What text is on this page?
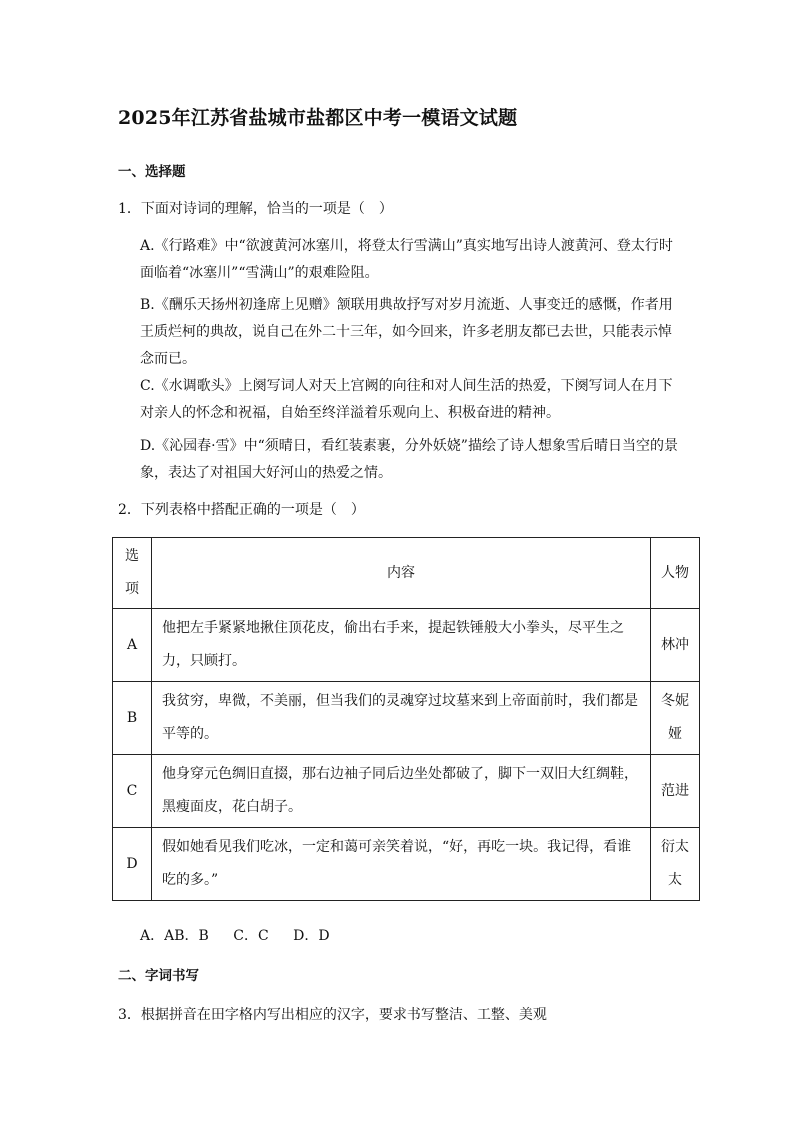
2025年江苏省盐城市盐都区中考一模语文试题
一、选择题
1．下面对诗词的理解，恰当的一项是（　）
A.《行路难》中“欲渡黄河冰塞川，将登太行雪满山”真实地写出诗人渡黄河、登太行时面临着“冰塞川”“雪满山”的艰难险阻。
B.《酬乐天扬州初逢席上见赠》颔联用典故抒写对岁月流逝、人事变迁的感慨，作者用王质烂柯的典故，说自己在外二十三年，如今回来，许多老朋友都已去世，只能表示悼念而已。
C.《水调歌头》上阕写词人对天上宫阙的向往和对人间生活的热爱，下阕写词人在月下对亲人的怀念和祝福，自始至终洋溢着乐观向上、积极奋进的精神。
D.《沁园春·雪》中“须晴日，看红装素裹，分外妖娆”描绘了诗人想象雪后晴日当空的景象，表达了对祖国大好河山的热爱之情。
2．下列表格中搭配正确的一项是（　）
选项	内容	人物
A	他把左手紧紧地揪住顶花皮，偷出右手来，提起铁锤般大小拳头，尽平生之力，只顾打。	林冲
B	我贫穷，卑微，不美丽，但当我们的灵魂穿过坟墓来到上帝面前时，我们都是平等的。	冬妮娅
C	他身穿元色绸旧直掇，那右边袖子同后边坐处都破了，脚下一双旧大红绸鞋，黑瘦面皮，花白胡子。	范进
D	假如她看见我们吃冰，一定和蔼可亲笑着说，“好，再吃一块。我记得，看谁吃的多。”	衍太太
A．AB．B　 C．C　 D．D
二、字词书写
3．根据拼音在田字格内写出相应的汉字，要求书写整洁、工整、美观
